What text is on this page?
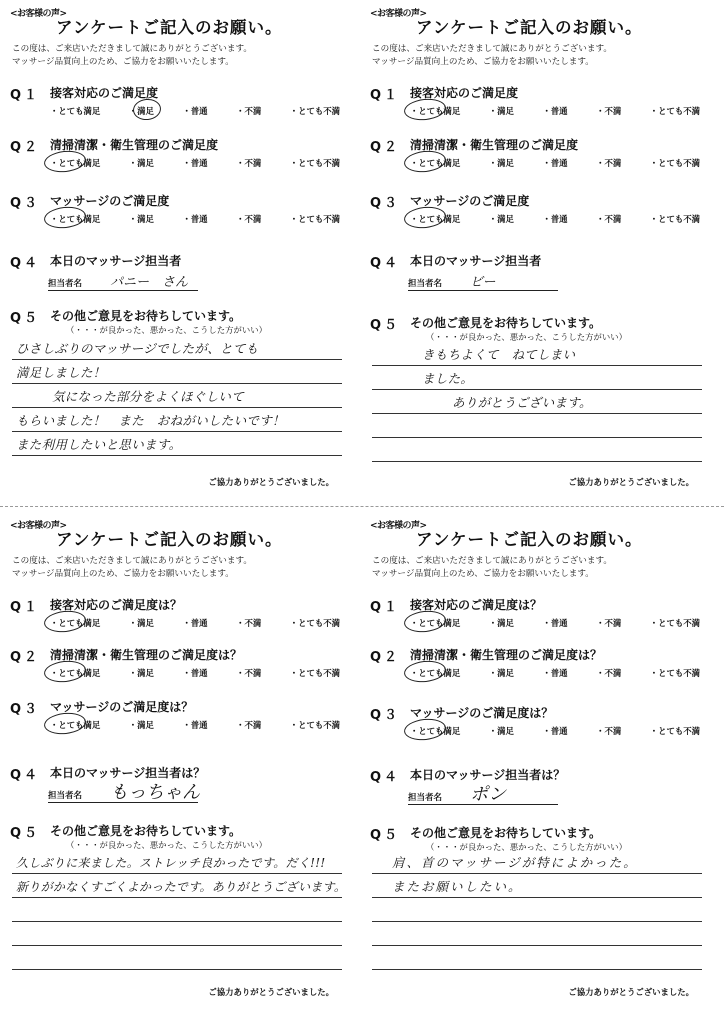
<お客様の声>
アンケートご記入のお願い。
この度は、ご来店いただきまして誠にありがとうございます。
マッサージ品質向上のため、ご協力をお願いいたします。
Q１ 接客対応のご満足度
・とても満足	・満足	・普通	・不満	・とても不満
Q２ 清掃清潔・衛生管理のご満足度
・とても満足	・満足	・普通	・不満	・とても不満
Q３ マッサージのご満足度
・とても満足	・満足	・普通	・不満	・とても不満
Q４ 本日のマッサージ担当者
担当者名 パニー　さん
Q５ その他ご意見をお待ちしています。
（・・・が良かった、悪かった、こうした方がいい）
ひさしぶりのマッサージでしたが、とても
満足しました！
気になった部分をよくほぐしいて
もらいました！　また　おねがいしたいです！
また利用したいと思います。
ご協力ありがとうございました。
<お客様の声>
アンケートご記入のお願い。
この度は、ご来店いただきまして誠にありがとうございます。
マッサージ品質向上のため、ご協力をお願いいたします。
Q１ 接客対応のご満足度
・とても満足	・満足	・普通	・不満	・とても不満
Q２ 清掃清潔・衛生管理のご満足度
・とても満足	・満足	・普通	・不満	・とても不満
Q３ マッサージのご満足度
・とても満足	・満足	・普通	・不満	・とても不満
Q４ 本日のマッサージ担当者
担当者名 ビー
Q５ その他ご意見をお待ちしています。
（・・・が良かった、悪かった、こうした方がいい）
きもちよくて　ねてしまい
ました。
ありがとうございます。
ご協力ありがとうございました。
<お客様の声>
アンケートご記入のお願い。
この度は、ご来店いただきまして誠にありがとうございます。
マッサージ品質向上のため、ご協力をお願いいたします。
Q１ 接客対応のご満足度は？
・とても満足	・満足	・普通	・不満	・とても不満
Q２ 清掃清潔・衛生管理のご満足度は？
・とても満足	・満足	・普通	・不満	・とても不満
Q３ マッサージのご満足度は？
・とても満足	・満足	・普通	・不満	・とても不満
Q４ 本日のマッサージ担当者は？
担当者名 もっちゃん
Q５ その他ご意見をお待ちしています。
（・・・が良かった、悪かった、こうした方がいい）
久しぶりに来ました。ストレッチ良かったです。だく!!!
新りがかなくすごくよかったです。ありがとうございます。
ご協力ありがとうございました。
<お客様の声>
アンケートご記入のお願い。
この度は、ご来店いただきまして誠にありがとうございます。
マッサージ品質向上のため、ご協力をお願いいたします。
Q１ 接客対応のご満足度は？
・とても満足	・満足	・普通	・不満	・とても不満
Q２ 清掃清潔・衛生管理のご満足度は？
・とても満足	・満足	・普通	・不満	・とても不満
Q３ マッサージのご満足度は？
・とても満足	・満足	・普通	・不満	・とても不満
Q４ 本日のマッサージ担当者は？
担当者名 ポン
Q５ その他ご意見をお待ちしています。
（・・・が良かった、悪かった、こうした方がいい）
肩、首のマッサージが特によかった。
またお願いしたい。
ご協力ありがとうございました。
